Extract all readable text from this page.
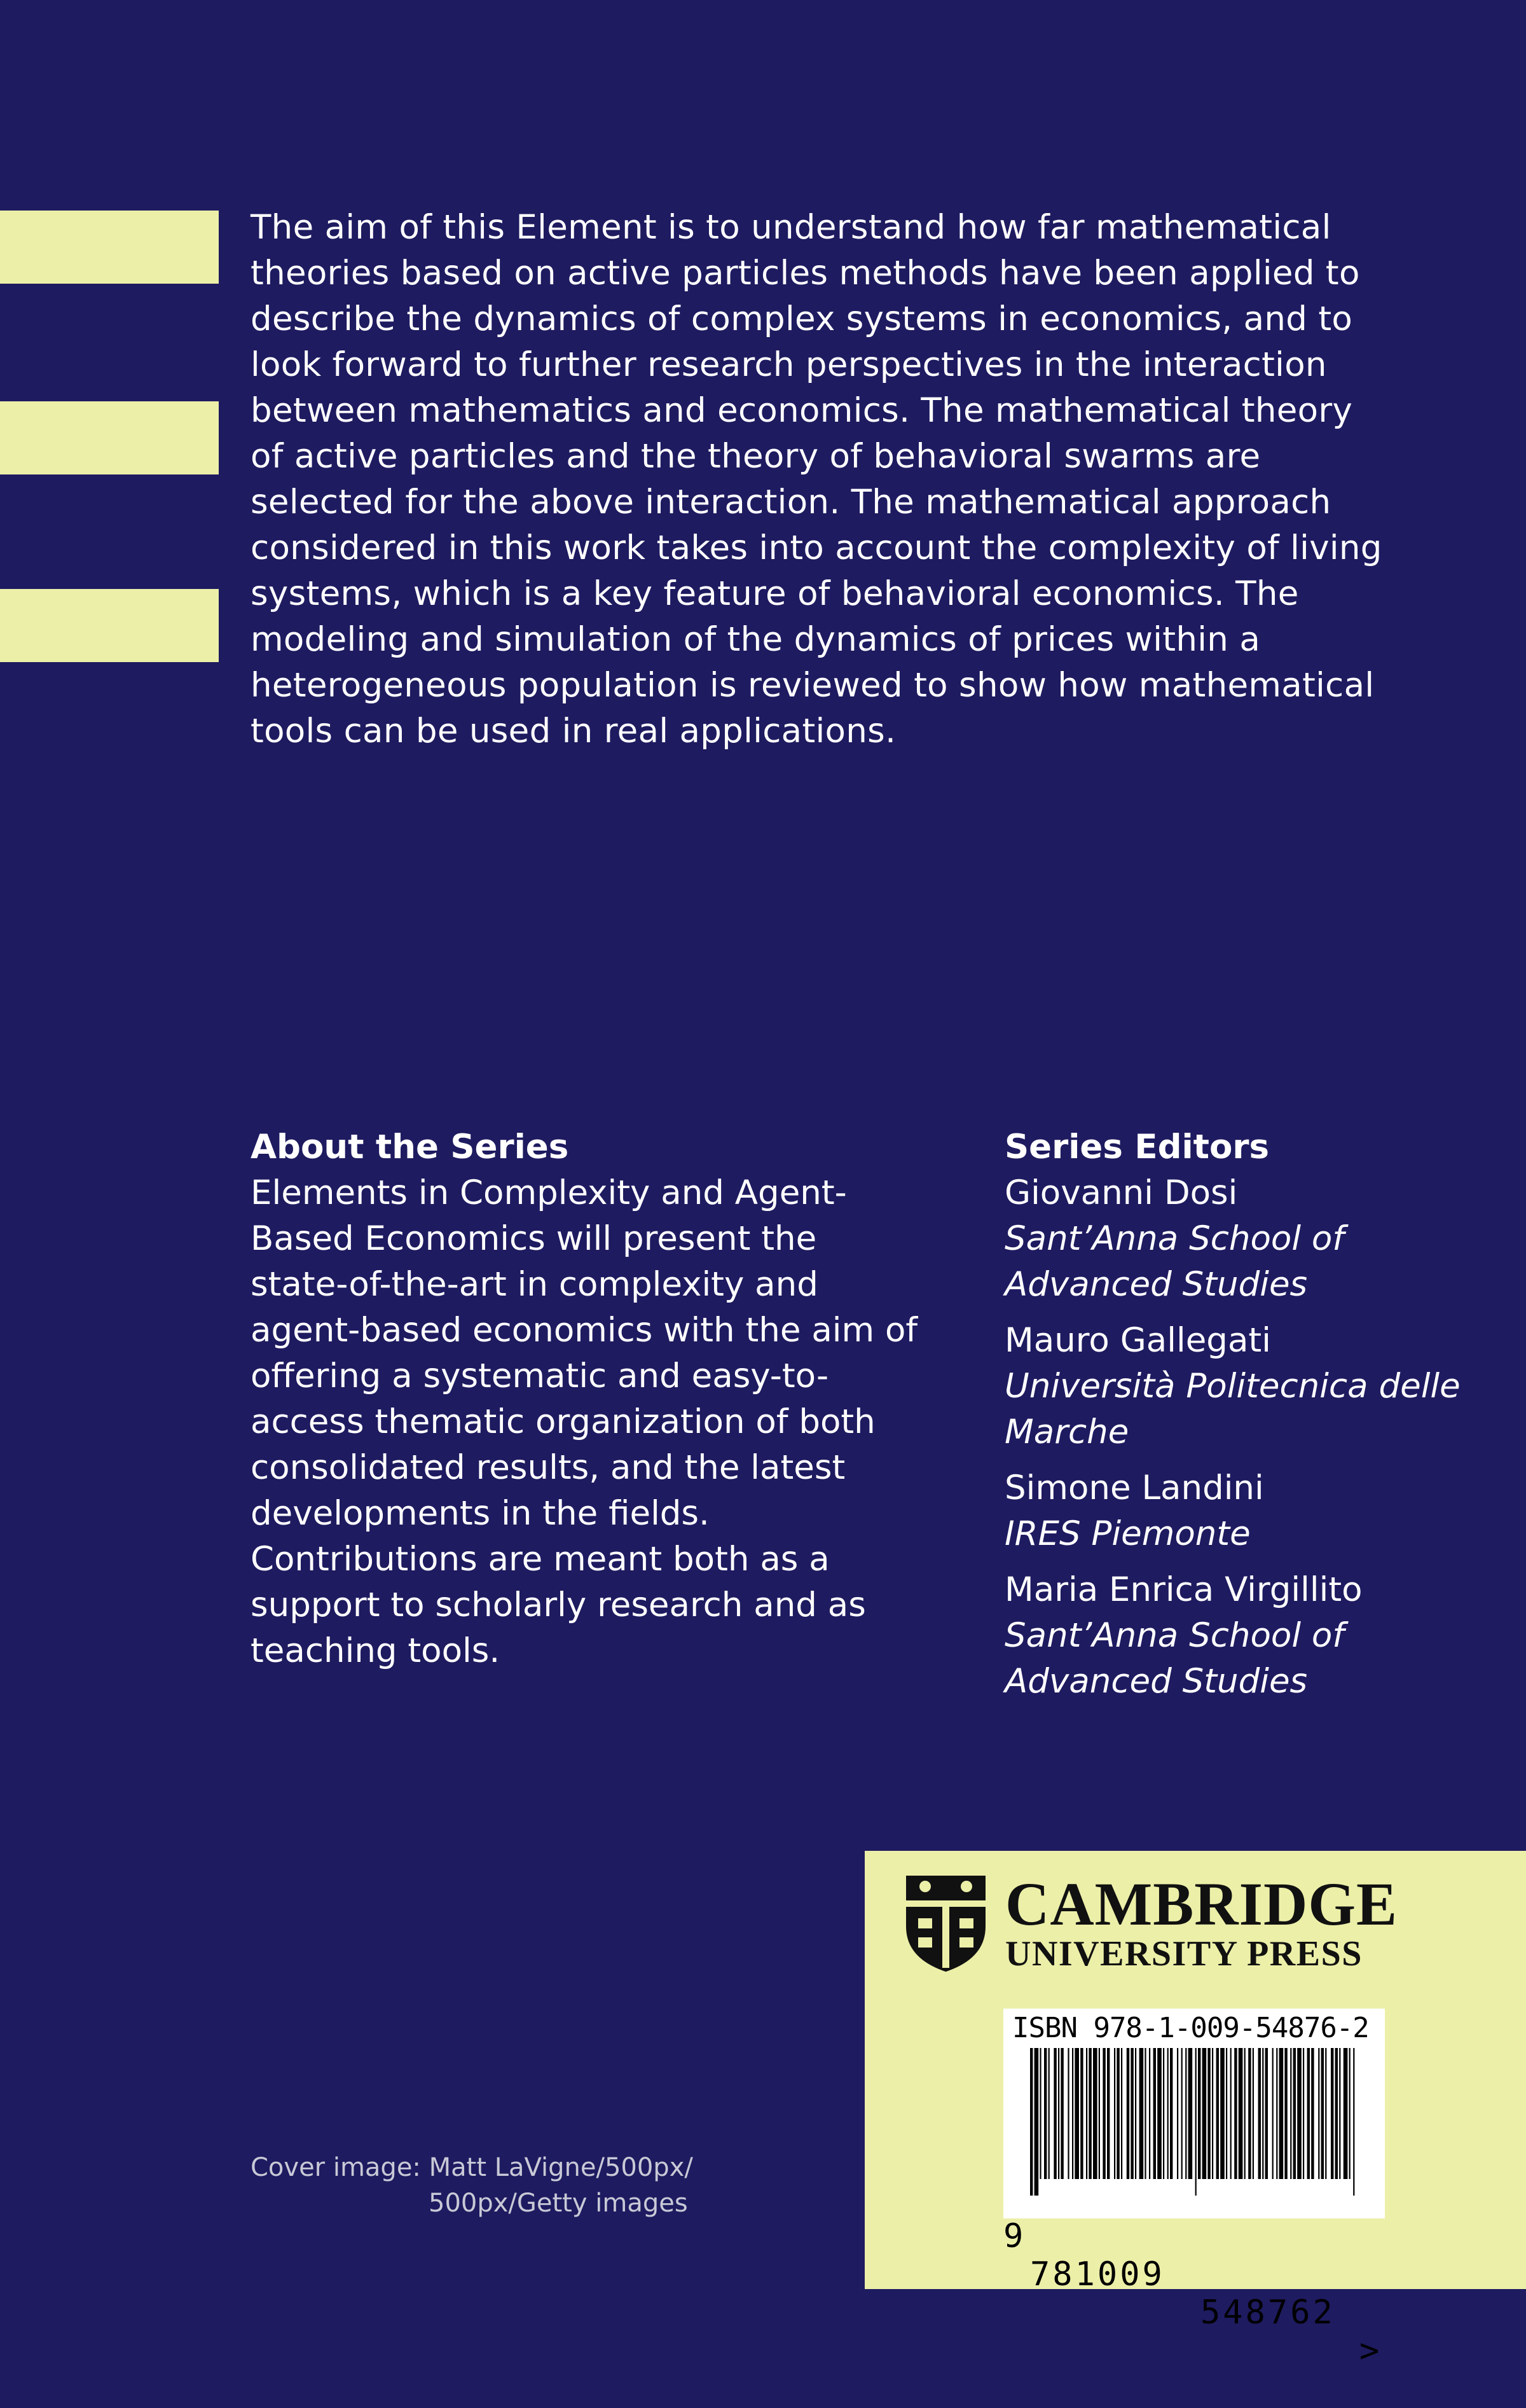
The aim of this Element is to understand how far mathematical theories based on active particles methods have been applied to describe the dynamics of complex systems in economics, and to look forward to further research perspectives in the interaction between mathematics and economics. The mathematical theory of active particles and the theory of behavioral swarms are selected for the above interaction. The mathematical approach considered in this work takes into account the complexity of living systems, which is a key feature of behavioral economics. The modeling and simulation of the dynamics of prices within a heterogeneous population is reviewed to show how mathematical tools can be used in real applications.

About the Series
Elements in Complexity and Agent-Based Economics will present the state-of-the-art in complexity and agent-based economics with the aim of offering a systematic and easy-to-access thematic organization of both consolidated results, and the latest developments in the fields. Contributions are meant both as a support to scholarly research and as teaching tools.
Series Editors
Giovanni Dosi
Sant’Anna School of Advanced Studies
Mauro Gallegati
Università Politecnica delle Marche
Simone Landini
IRES Piemonte
Maria Enrica Virgillito
Sant’Anna School of Advanced Studies
Cover image: Matt LaVigne/500px/
500px/Getty images
CAMBRIDGE
UNIVERSITY PRESS
ISBN 978-1-009-54876-2

9

781009

548762

>
